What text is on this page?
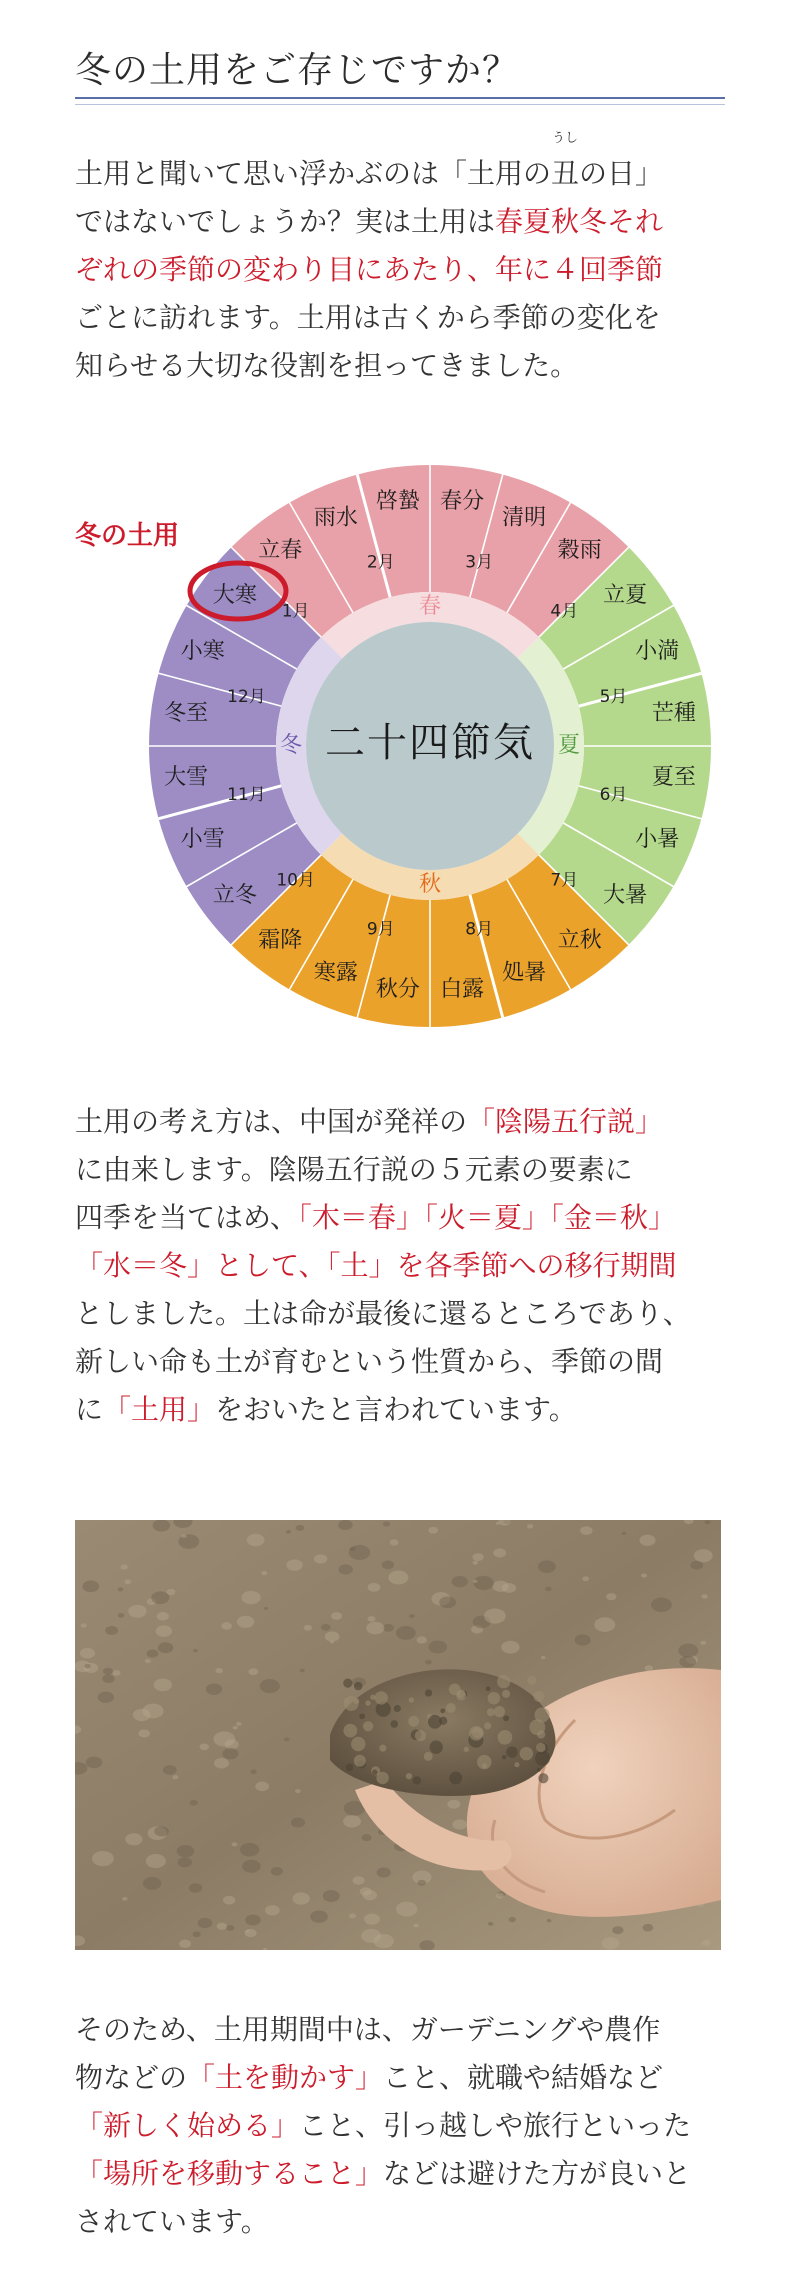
冬の土用をご存じですか？
土用と聞いて思い浮かぶのは「土用の
うし
丑の日」
ではないでしょうか？実は土用は春夏秋冬それ
ぞれの季節の変わり目にあたり、年に４回季節
ごとに訪れます。土用は古くから季節の変化を
知らせる大切な役割を担ってきました。
立春
雨水
啓蟄 春分
清明
穀雨
立夏
小満
芒種
夏至
小暑
大暑
立秋
処暑
白露
秋分
寒露
霜降
立冬
小雪
大雪
冬至
小寒
大寒
1月
2月	3月
4月
5月
6月
7月
8月
9月
10月
11月
12月
春
夏
秋
冬 二十四節気
冬の土用
土用の考え方は、中国が発祥の「陰陽五行説」
に由来します。陰陽五行説の５元素の要素に
四季を当てはめ、「木＝春」「火＝夏」「金＝秋」
「水＝冬」として、「土」を各季節への移行期間
としました。土は命が最後に還るところであり、
新しい命も土が育むという性質から、季節の間
に「土用」をおいたと言われています。
そのため、土用期間中は、ガーデニングや農作
物などの「土を動かす」こと、就職や結婚など
「新しく始める」こと、引っ越しや旅行といった
「場所を移動すること」などは避けた方が良いと
されています。
